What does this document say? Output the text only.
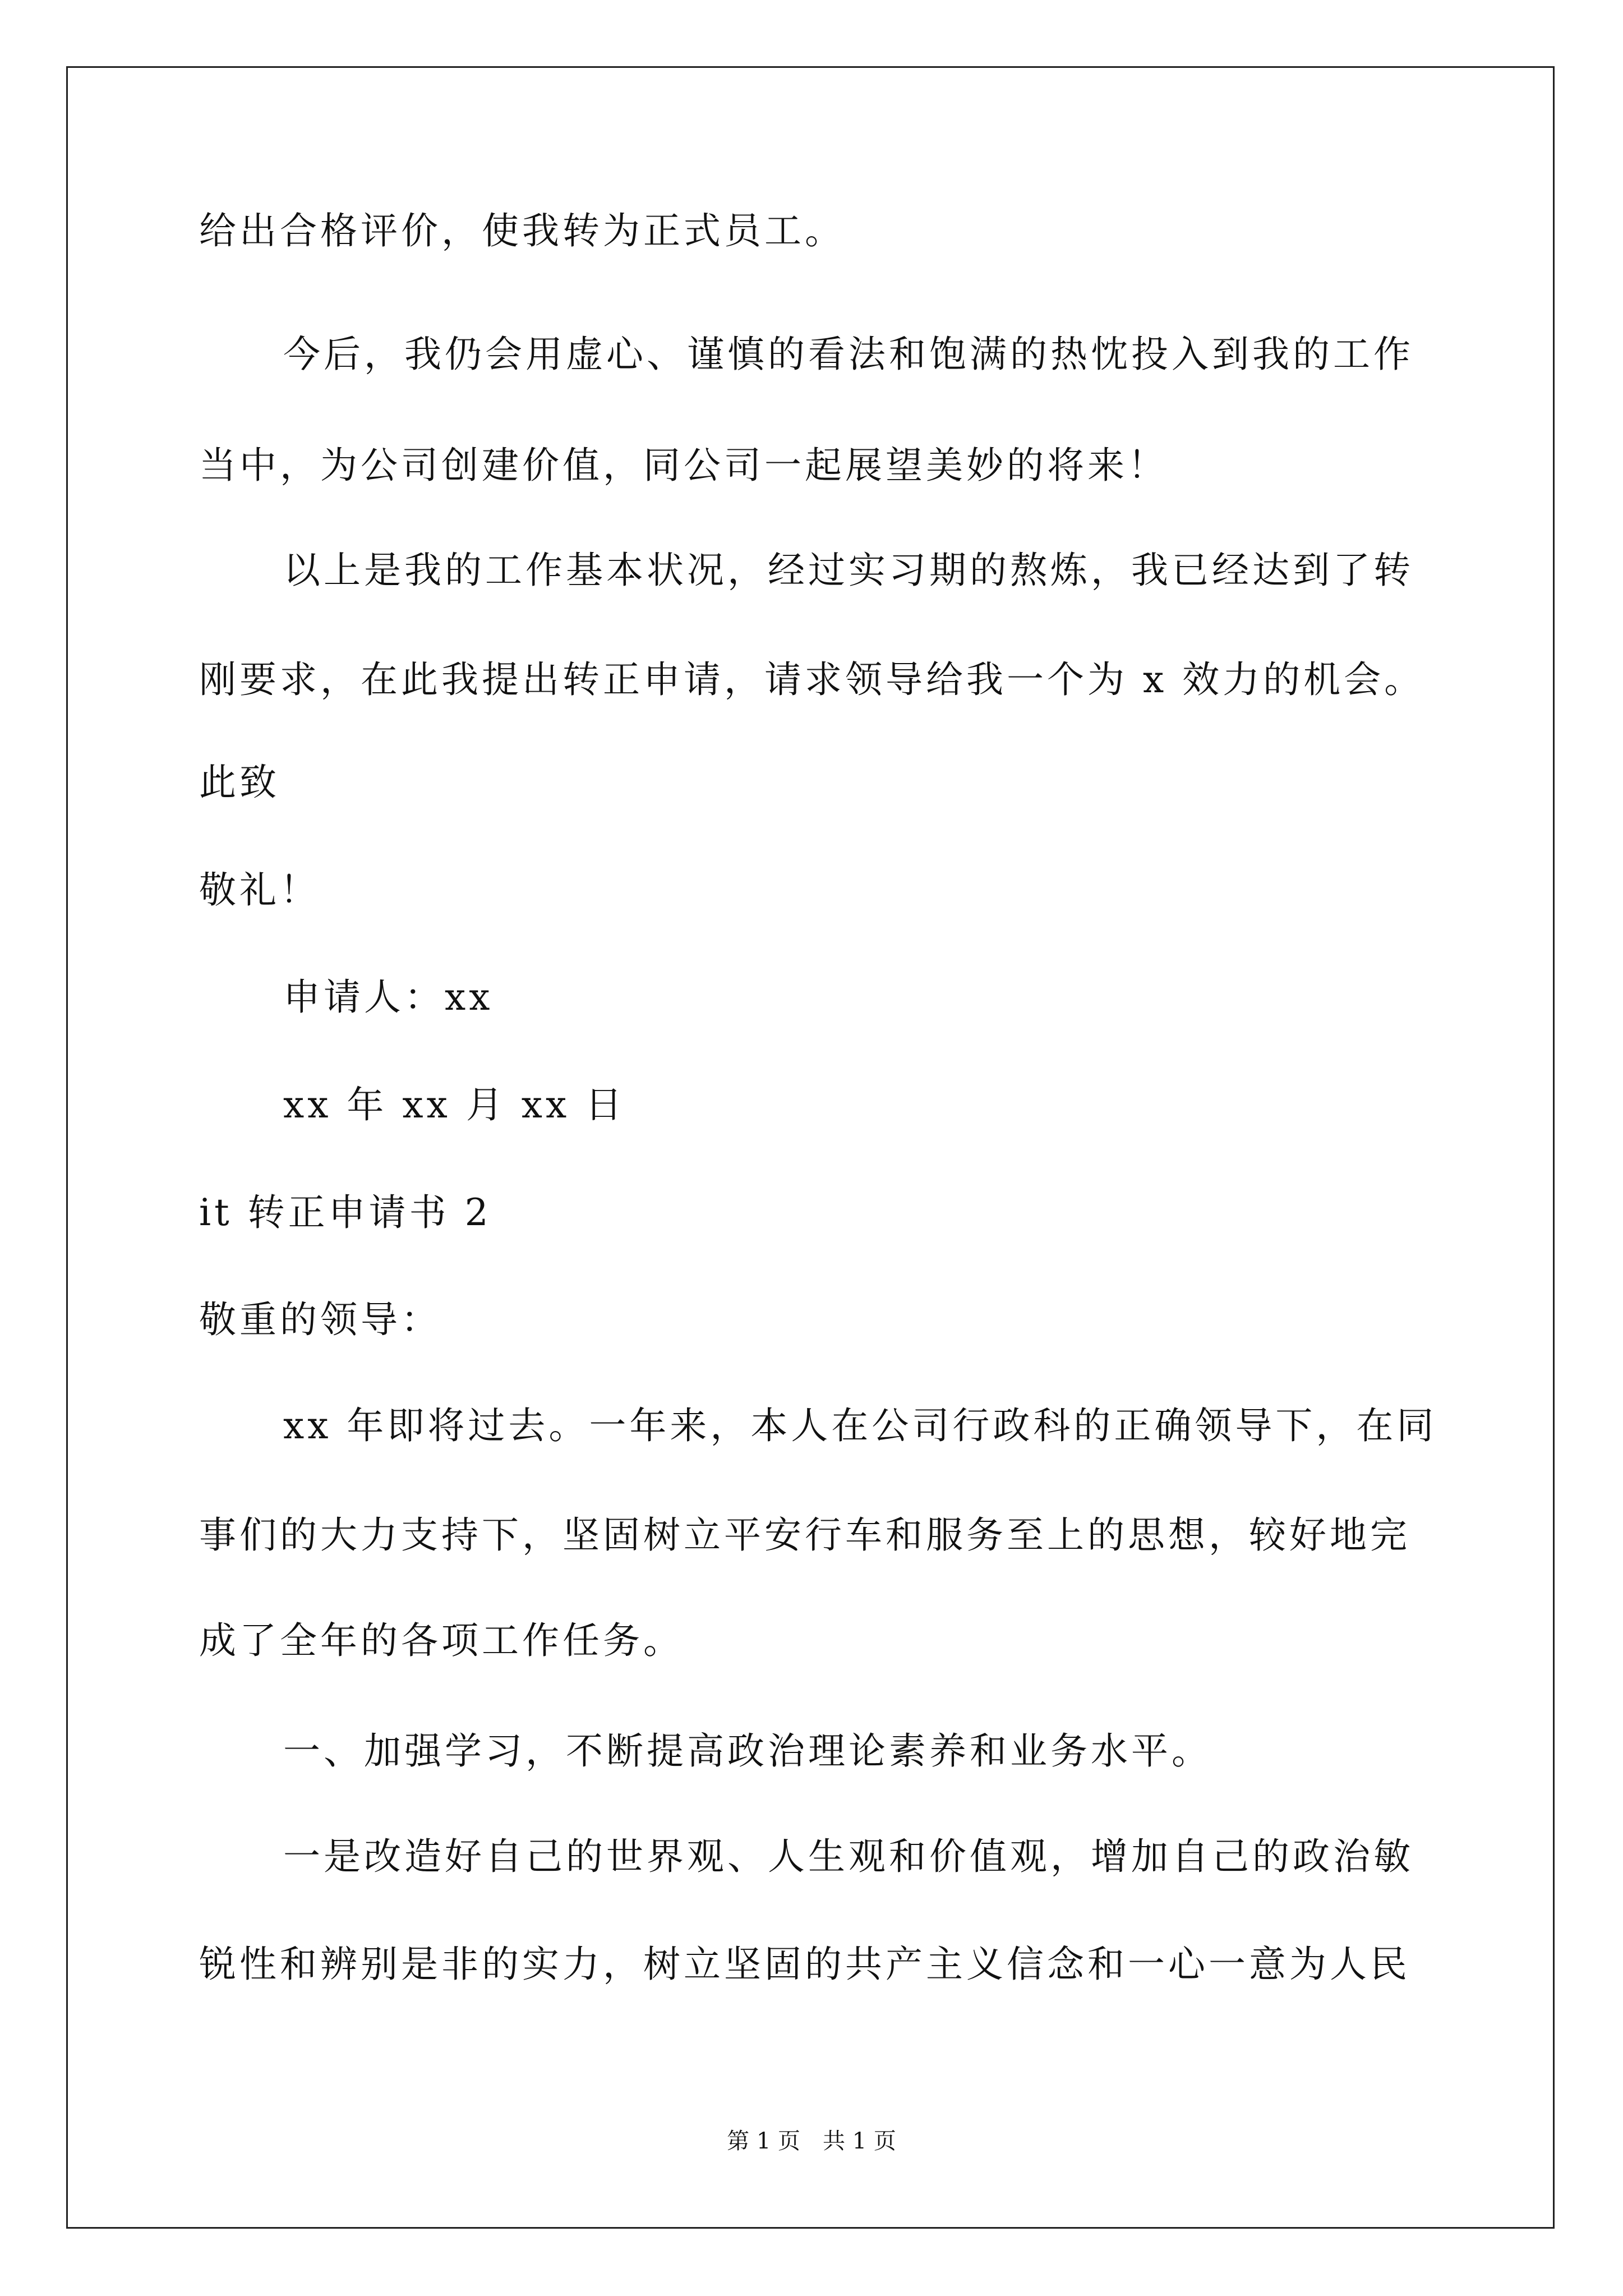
给出合格评价，使我转为正式员工。
今后，我仍会用虚心、谨慎的看法和饱满的热忱投入到我的工作
当中，为公司创建价值，同公司一起展望美妙的将来！
以上是我的工作基本状况，经过实习期的熬炼，我已经达到了转
刚要求，在此我提出转正申请，请求领导给我一个为 x 效力的机会。
此致
敬礼！
申请人：xx
xx 年 xx 月 xx 日
it 转正申请书 2
敬重的领导：
xx 年即将过去。一年来，本人在公司行政科的正确领导下，在同
事们的大力支持下，坚固树立平安行车和服务至上的思想，较好地完
成了全年的各项工作任务。
一、加强学习，不断提高政治理论素养和业务水平。
一是改造好自己的世界观、人生观和价值观，增加自己的政治敏
锐性和辨别是非的实力，树立坚固的共产主义信念和一心一意为人民
第 1 页　共 1 页
